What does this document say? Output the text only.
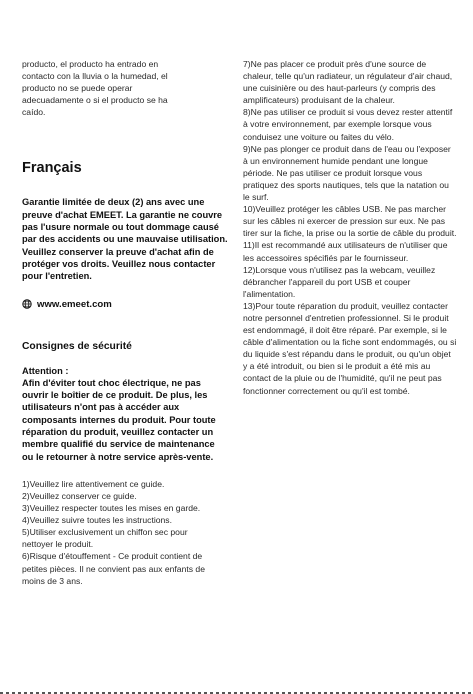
producto, el producto ha entrado en contacto con la lluvia o la humedad, el producto no se puede operar adecuadamente o si el producto se ha caído.

Français

Garantie limitée de deux (2) ans avec une preuve d'achat EMEET. La garantie ne couvre pas l'usure normale ou tout dommage causé par des accidents ou une mauvaise utilisation. Veuillez conserver la preuve d'achat afin de protéger vos droits. Veuillez nous contacter pour l'entretien.

www.emeet.com
Consignes de sécurité

Attention :

Afin d'éviter tout choc électrique, ne pas ouvrir le boîtier de ce produit. De plus, les utilisateurs n'ont pas à accéder aux composants internes du produit. Pour toute réparation du produit, veuillez contacter un membre qualifié du service de maintenance ou le retourner à notre service après-vente.

1)Veuillez lire attentivement ce guide.

2)Veuillez conserver ce guide.

3)Veuillez respecter toutes les mises en garde.

4)Veuillez suivre toutes les instructions.

5)Utiliser exclusivement un chiffon sec pour nettoyer le produit.

6)Risque d'étouffement - Ce produit contient de petites pièces. Il ne convient pas aux enfants de moins de 3 ans.

7)Ne pas placer ce produit près d'une source de chaleur, telle qu'un radiateur, un régulateur d'air chaud, une cuisinière ou des haut-parleurs (y compris des amplificateurs) produisant de la chaleur.

8)Ne pas utiliser ce produit si vous devez rester attentif à votre environnement, par exemple lorsque vous conduisez une voiture ou faites du vélo.

9)Ne pas plonger ce produit dans de l'eau ou l'exposer à un environnement humide pendant une longue période. Ne pas utiliser ce produit lorsque vous pratiquez des sports nautiques, tels que la natation ou le surf.

10)Veuillez protéger les câbles USB. Ne pas marcher sur les câbles ni exercer de pression sur eux. Ne pas tirer sur la fiche, la prise ou la sortie de câble du produit.

11)Il est recommandé aux utilisateurs de n'utiliser que les accessoires spécifiés par le fournisseur.

12)Lorsque vous n'utilisez pas la webcam, veuillez débrancher l'appareil du port USB et couper l'alimentation.

13)Pour toute réparation du produit, veuillez contacter notre personnel d'entretien professionnel. Si le produit est endommagé, il doit être réparé. Par exemple, si le câble d'alimentation ou la fiche sont endommagés, ou si du liquide s'est répandu dans le produit, ou qu'un objet y a été introduit, ou bien si le produit a été mis au contact de la pluie ou de l'humidité, qu'il ne peut pas fonctionner correctement ou qu'il est tombé.
